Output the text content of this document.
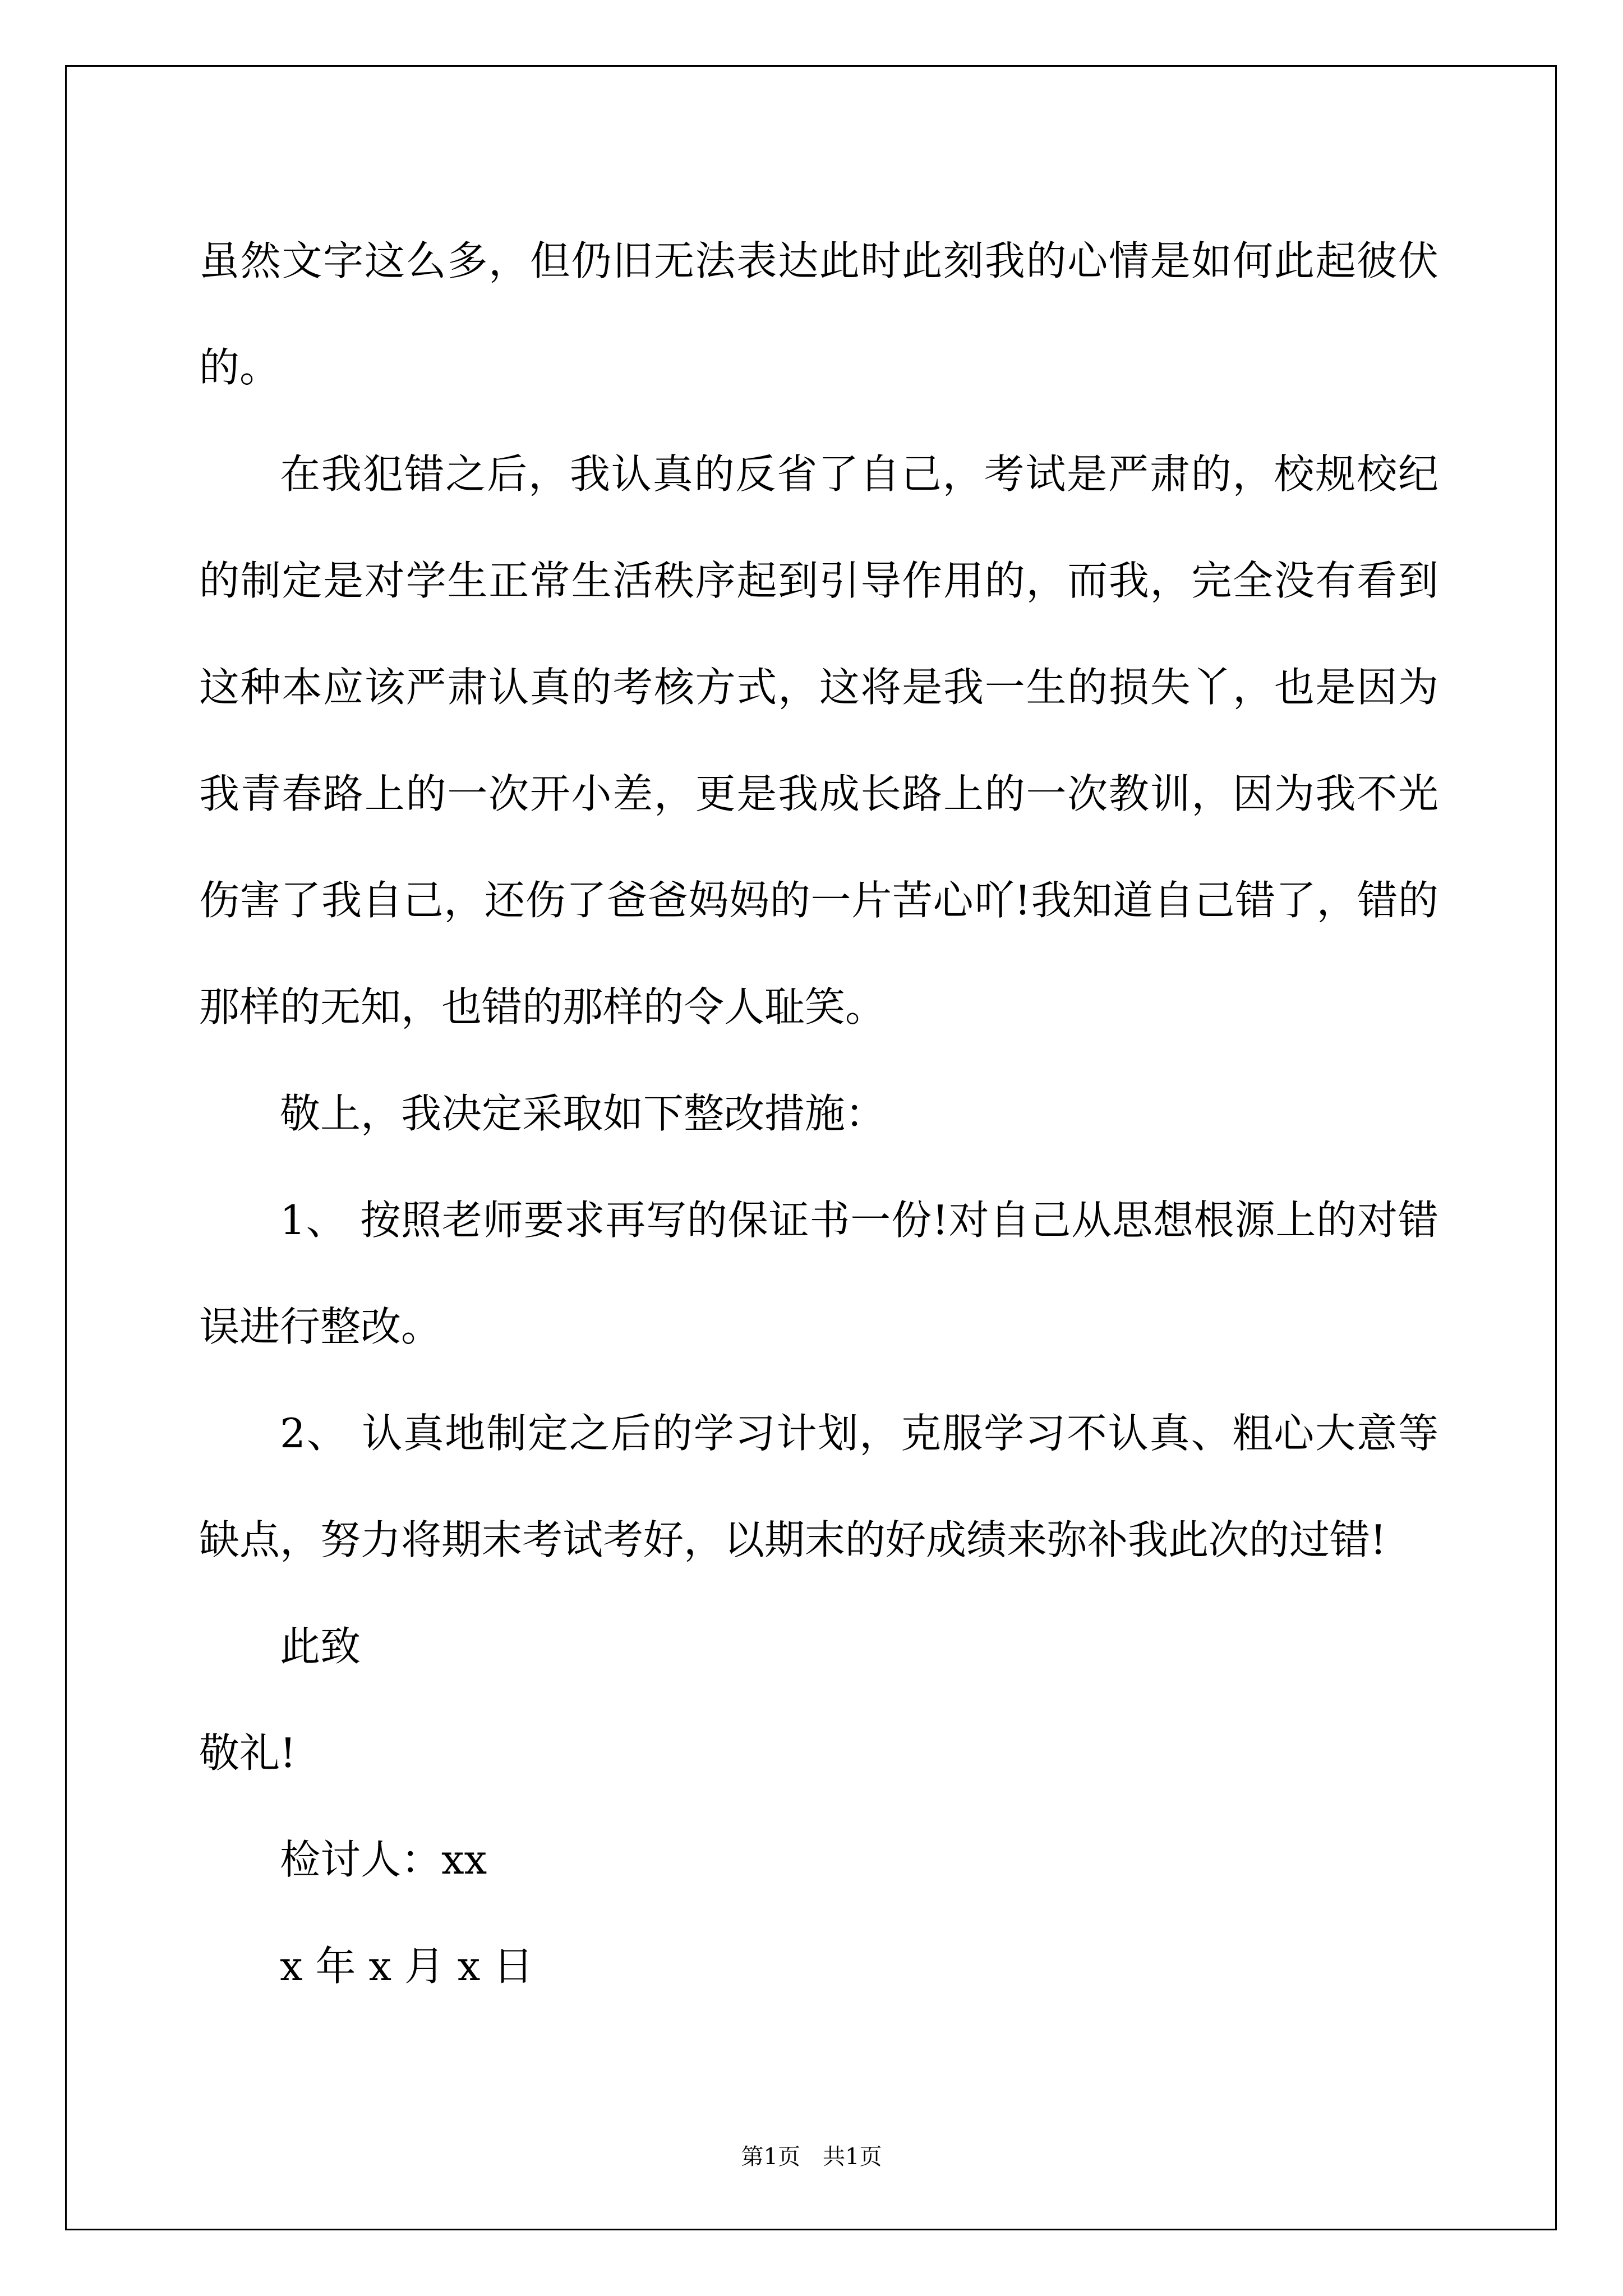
虽然文字这么多，但仍旧无法表达此时此刻我的心情是如何此起彼伏的。

在我犯错之后，我认真的反省了自己，考试是严肃的，校规校纪的制定是对学生正常生活秩序起到引导作用的，而我，完全没有看到这种本应该严肃认真的考核方式，这将是我一生的损失丫，也是因为我青春路上的一次开小差，更是我成长路上的一次教训，因为我不光伤害了我自己，还伤了爸爸妈妈的一片苦心吖!我知道自己错了，错的那样的无知，也错的那样的令人耻笑。

敬上，我决定采取如下整改措施：

1、 按照老师要求再写的保证书一份!对自己从思想根源上的对错误进行整改。

2、 认真地制定之后的学习计划，克服学习不认真、粗心大意等缺点，努力将期末考试考好，以期末的好成绩来弥补我此次的过错!

此致

敬礼!

检讨人：xx

x 年 x 月 x 日

第1页　共1页
